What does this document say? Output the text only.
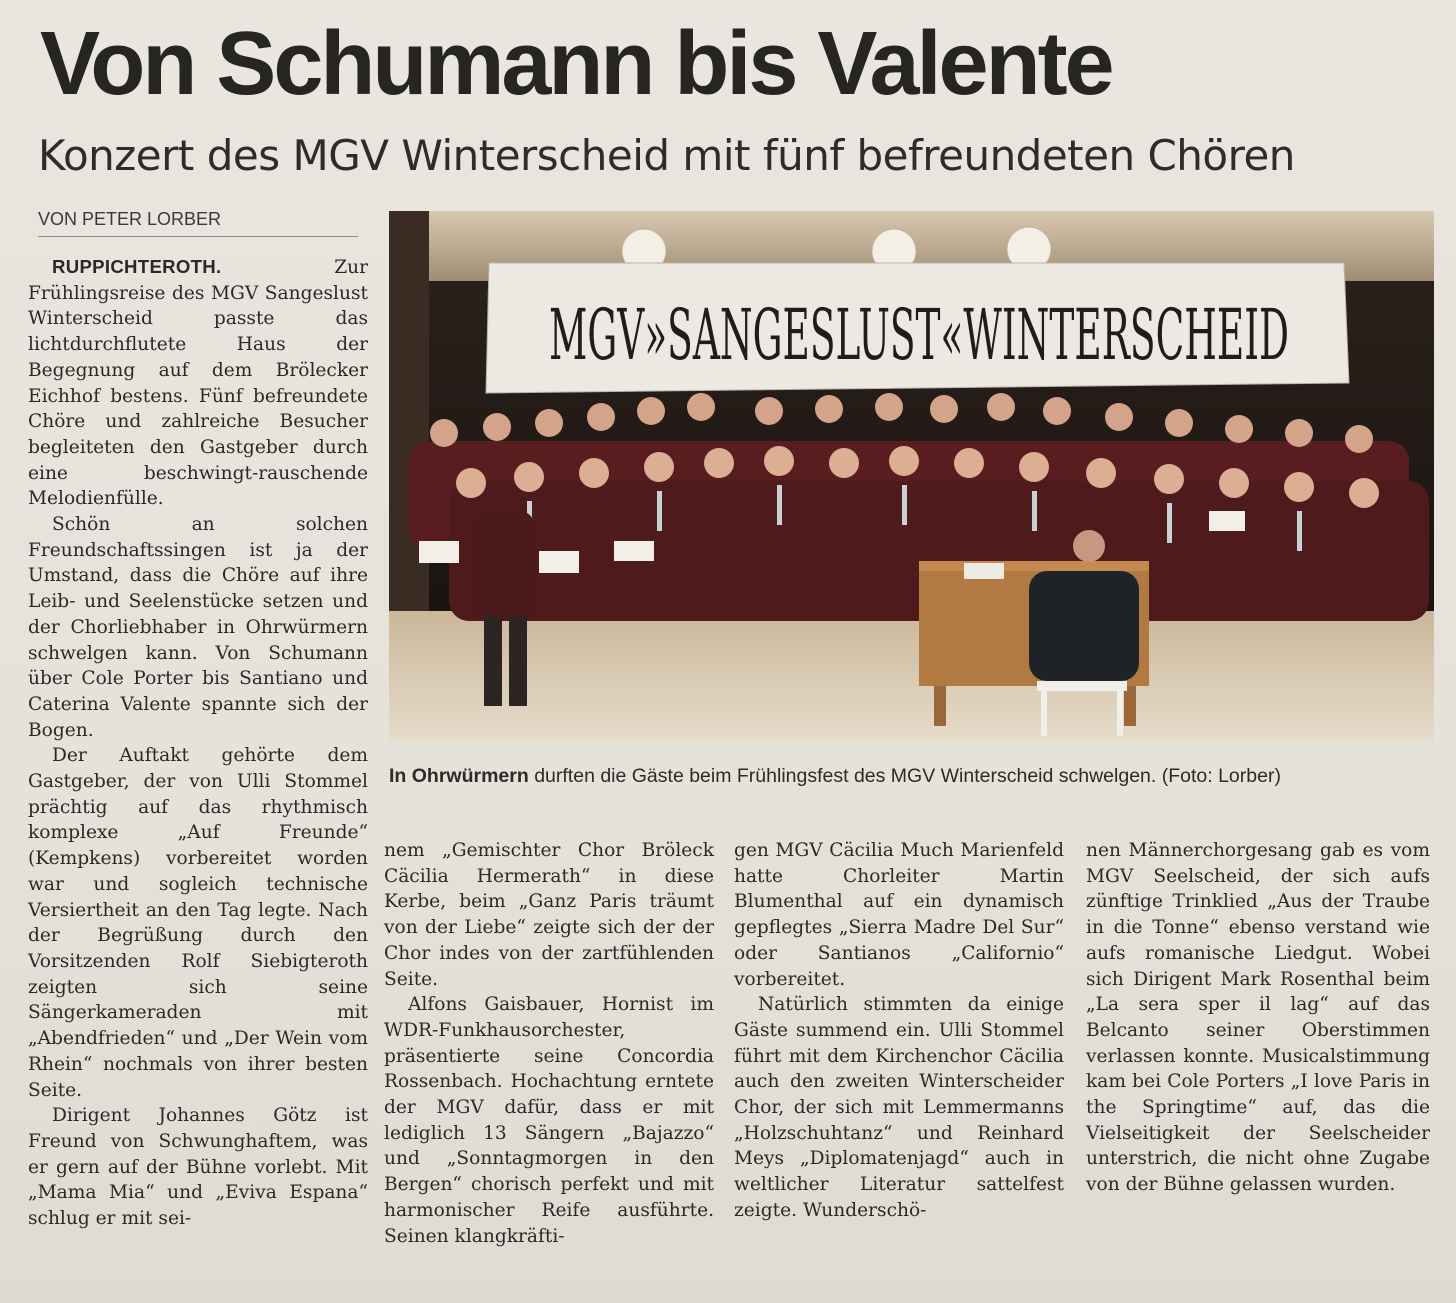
Von Schumann bis Valente
Konzert des MGV Winterscheid mit fünf befreundeten Chören
VON PETER LORBER

RUPPICHTEROTH. Zur Frühlingsreise des MGV Sangeslust Winterscheid passte das lichtdurchflutete Haus der Begegnung auf dem Brölecker Eichhof bestens. Fünf befreundete Chöre und zahlreiche Besucher begleiteten den Gastgeber durch eine beschwingt-rauschende Melodienfülle.

Schön an solchen Freundschaftssingen ist ja der Umstand, dass die Chöre auf ihre Leib- und Seelenstücke setzen und der Chorliebhaber in Ohrwürmern schwelgen kann. Von Schumann über Cole Porter bis Santiano und Caterina Valente spannte sich der Bogen.

Der Auftakt gehörte dem Gastgeber, der von Ulli Stommel prächtig auf das rhythmisch komplexe „Auf Freunde“ (Kempkens) vorbereitet worden war und sogleich technische Versiertheit an den Tag legte. Nach der Begrüßung durch den Vorsitzenden Rolf Siebigteroth zeigten sich seine Sängerkameraden mit „Abendfrieden“ und „Der Wein vom Rhein“ nochmals von ihrer besten Seite.

Dirigent Johannes Götz ist Freund von Schwunghaftem, was er gern auf der Bühne vorlebt. Mit „Mama Mia“ und „Eviva Espana“ schlug er mit sei-

MGV»SANGESLUST«WINTERSCHEID
In Ohrwürmern durften die Gäste beim Frühlingsfest des MGV Winterscheid schwelgen. (Foto: Lorber)

nem „Gemischter Chor Bröleck Cäcilia Hermerath“ in diese Kerbe, beim „Ganz Paris träumt von der Liebe“ zeigte sich der der Chor indes von der zartfühlenden Seite.

Alfons Gaisbauer, Hornist im WDR-Funkhausorchester, präsentierte seine Concordia Rossenbach. Hochachtung erntete der MGV dafür, dass er mit lediglich 13 Sängern „Bajazzo“ und „Sonntagmorgen in den Bergen“ chorisch perfekt und mit harmonischer Reife ausführte. Seinen klangkräfti-

gen MGV Cäcilia Much Marienfeld hatte Chorleiter Martin Blumenthal auf ein dynamisch gepflegtes „Sierra Madre Del Sur“ oder Santianos „Californio“ vorbereitet.

Natürlich stimmten da einige Gäste summend ein. Ulli Stommel führt mit dem Kirchenchor Cäcilia auch den zweiten Winterscheider Chor, der sich mit Lemmermanns „Holzschuhtanz“ und Reinhard Meys „Diplomatenjagd“ auch in weltlicher Literatur sattelfest zeigte. Wunderschö-

nen Männerchorgesang gab es vom MGV Seelscheid, der sich aufs zünftige Trinklied „Aus der Traube in die Tonne“ ebenso verstand wie aufs romanische Liedgut. Wobei sich Dirigent Mark Rosenthal beim „La sera sper il lag“ auf das Belcanto seiner Oberstimmen verlassen konnte. Musicalstimmung kam bei Cole Porters „I love Paris in the Springtime“ auf, das die Vielseitigkeit der Seelscheider unterstrich, die nicht ohne Zugabe von der Bühne gelassen wurden.
